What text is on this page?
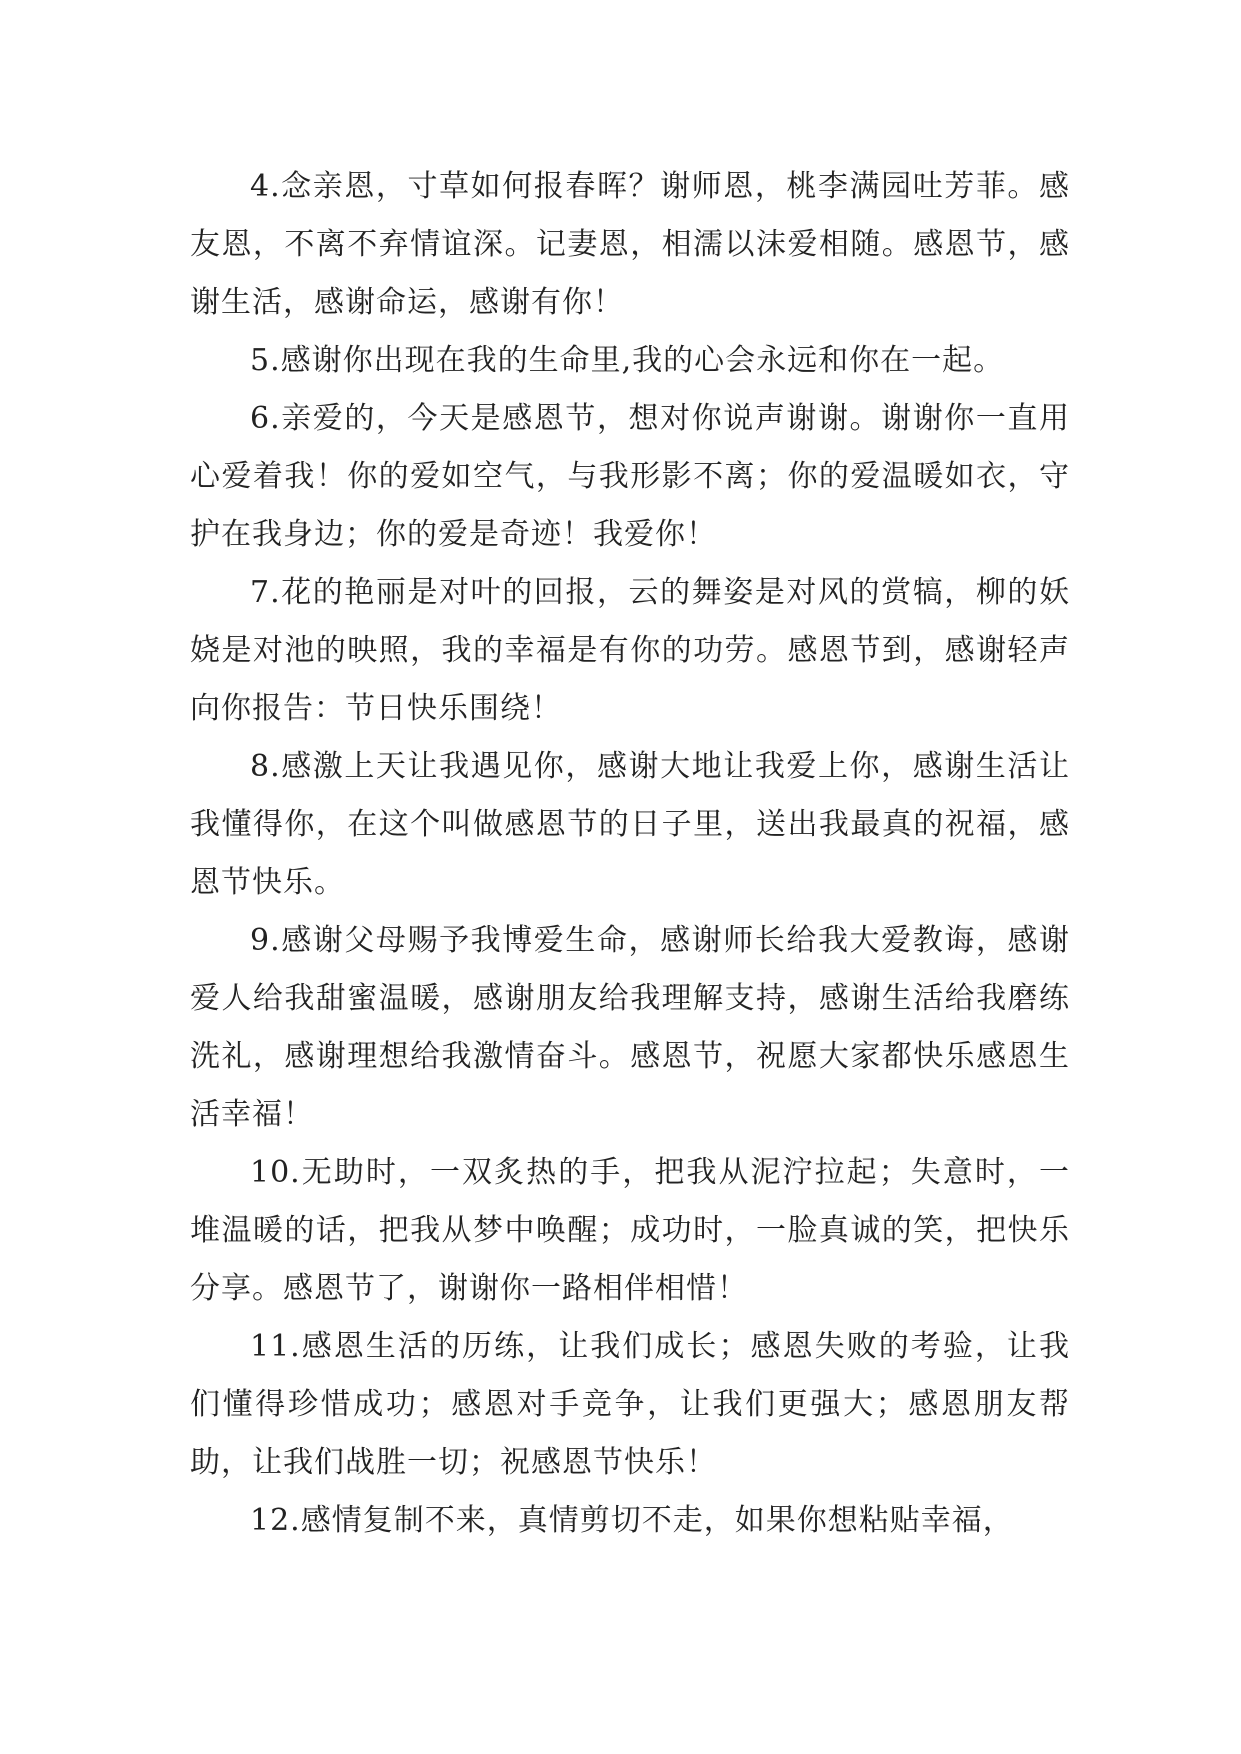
4.念亲恩，寸草如何报春晖？谢师恩，桃李满园吐芳菲。感友恩，不离不弃情谊深。记妻恩，相濡以沫爱相随。感恩节，感谢生活，感谢命运，感谢有你！

5.感谢你出现在我的生命里,我的心会永远和你在一起。

6.亲爱的，今天是感恩节，想对你说声谢谢。谢谢你一直用心爱着我！你的爱如空气，与我形影不离；你的爱温暖如衣，守护在我身边；你的爱是奇迹！我爱你！

7.花的艳丽是对叶的回报，云的舞姿是对风的赏犒，柳的妖娆是对池的映照，我的幸福是有你的功劳。感恩节到，感谢轻声向你报告：节日快乐围绕！

8.感激上天让我遇见你，感谢大地让我爱上你，感谢生活让我懂得你，在这个叫做感恩节的日子里，送出我最真的祝福，感恩节快乐。

9.感谢父母赐予我博爱生命，感谢师长给我大爱教诲，感谢爱人给我甜蜜温暖，感谢朋友给我理解支持，感谢生活给我磨练洗礼，感谢理想给我激情奋斗。感恩节，祝愿大家都快乐感恩生活幸福！

10.无助时，一双炙热的手，把我从泥泞拉起；失意时，一堆温暖的话，把我从梦中唤醒；成功时，一脸真诚的笑，把快乐分享。感恩节了，谢谢你一路相伴相惜！

11.感恩生活的历练，让我们成长；感恩失败的考验，让我们懂得珍惜成功；感恩对手竞争，让我们更强大；感恩朋友帮助，让我们战胜一切；祝感恩节快乐！

12.感情复制不来，真情剪切不走，如果你想粘贴幸福，
